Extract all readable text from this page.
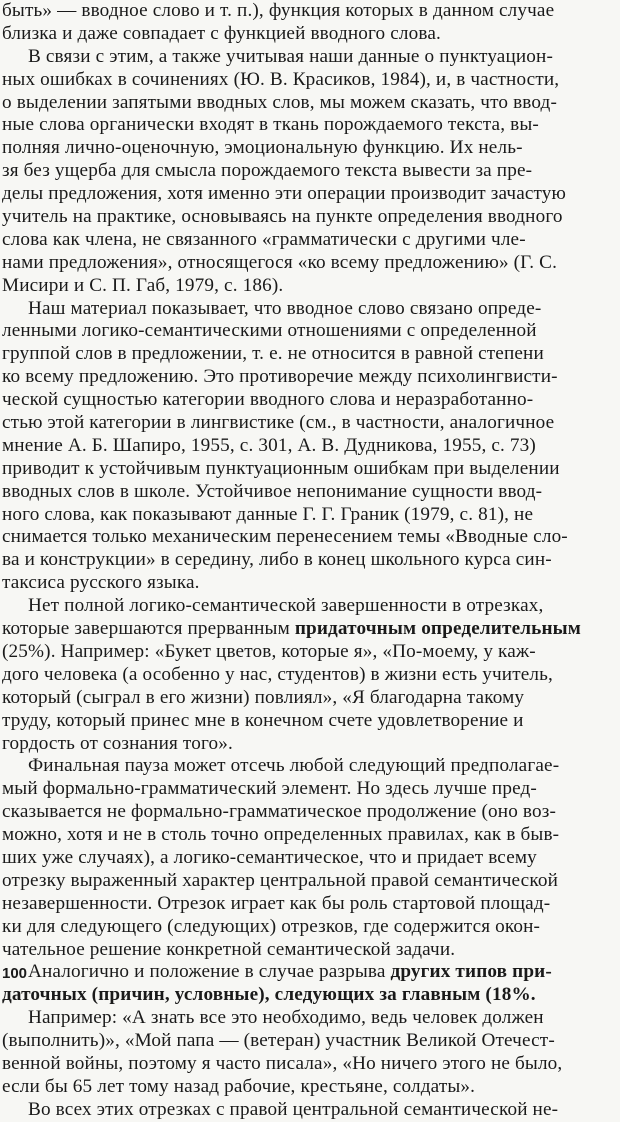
быть» — вводное слово и т. п.), функция которых в данном случае
близка и даже совпадает с функцией вводного слова.
В связи с этим, а также учитывая наши данные о пунктуацион-
ных ошибках в сочинениях (Ю. В. Красиков, 1984), и, в частности,
о выделении запятыми вводных слов, мы можем сказать, что ввод-
ные слова органически входят в ткань порождаемого текста, вы-
полняя лично-оценочную, эмоциональную функцию. Их нель-
зя без ущерба для смысла порождаемого текста вывести за пре-
делы предложения, хотя именно эти операции производит зачастую
учитель на практике, основываясь на пункте определения вводного
слова как члена, не связанного «грамматически с другими чле-
нами предложения», относящегося «ко всему предложению» (Г. С.
Мисири и С. П. Габ, 1979, с. 186).
Наш материал показывает, что вводное слово связано опреде-
ленными логико-семантическими отношениями с определенной
группой слов в предложении, т. е. не относится в равной степени
ко всему предложению. Это противоречие между психолингвисти-
ческой сущностью категории вводного слова и неразработанно-
стью этой категории в лингвистике (см., в частности, аналогичное
мнение А. Б. Шапиро, 1955, с. 301, А. В. Дудникова, 1955, с. 73)
приводит к устойчивым пунктуационным ошибкам при выделении
вводных слов в школе. Устойчивое непонимание сущности ввод-
ного слова, как показывают данные Г. Г. Граник (1979, с. 81), не
снимается только механическим перенесением темы «Вводные сло-
ва и конструкции» в середину, либо в конец школьного курса син-
таксиса русского языка.
Нет полной логико-семантической завершенности в отрезках,
которые завершаются прерванным придаточным определительным
(25%). Например: «Букет цветов, которые я», «По-моему, у каж-
дого человека (а особенно у нас, студентов) в жизни есть учитель,
который (сыграл в его жизни) повлиял», «Я благодарна такому
труду, который принес мне в конечном счете удовлетворение и
гордость от сознания того».
Финальная пауза может отсечь любой следующий предполагае-
мый формально-грамматический элемент. Но здесь лучше пред-
сказывается не формально-грамматическое продолжение (оно воз-
можно, хотя и не в столь точно определенных правилах, как в быв-
ших уже случаях), а логико-семантическое, что и придает всему
отрезку выраженный характер центральной правой семантической
незавершенности. Отрезок играет как бы роль стартовой площад-
ки для следующего (следующих) отрезков, где содержится окон-
чательное решение конкретной семантической задачи.
Аналогично и положение в случае разрыва других типов при-
даточных (причин, условные), следующих за главным (18%.
Например: «А знать все это необходимо, ведь человек должен
(выполнить)», «Мой папа — (ветеран) участник Великой Отечест-
венной войны, поэтому я часто писала», «Но ничего этого не было,
если бы 65 лет тому назад рабочие, крестьяне, солдаты».
Во всех этих отрезках с правой центральной семантической не-
100
